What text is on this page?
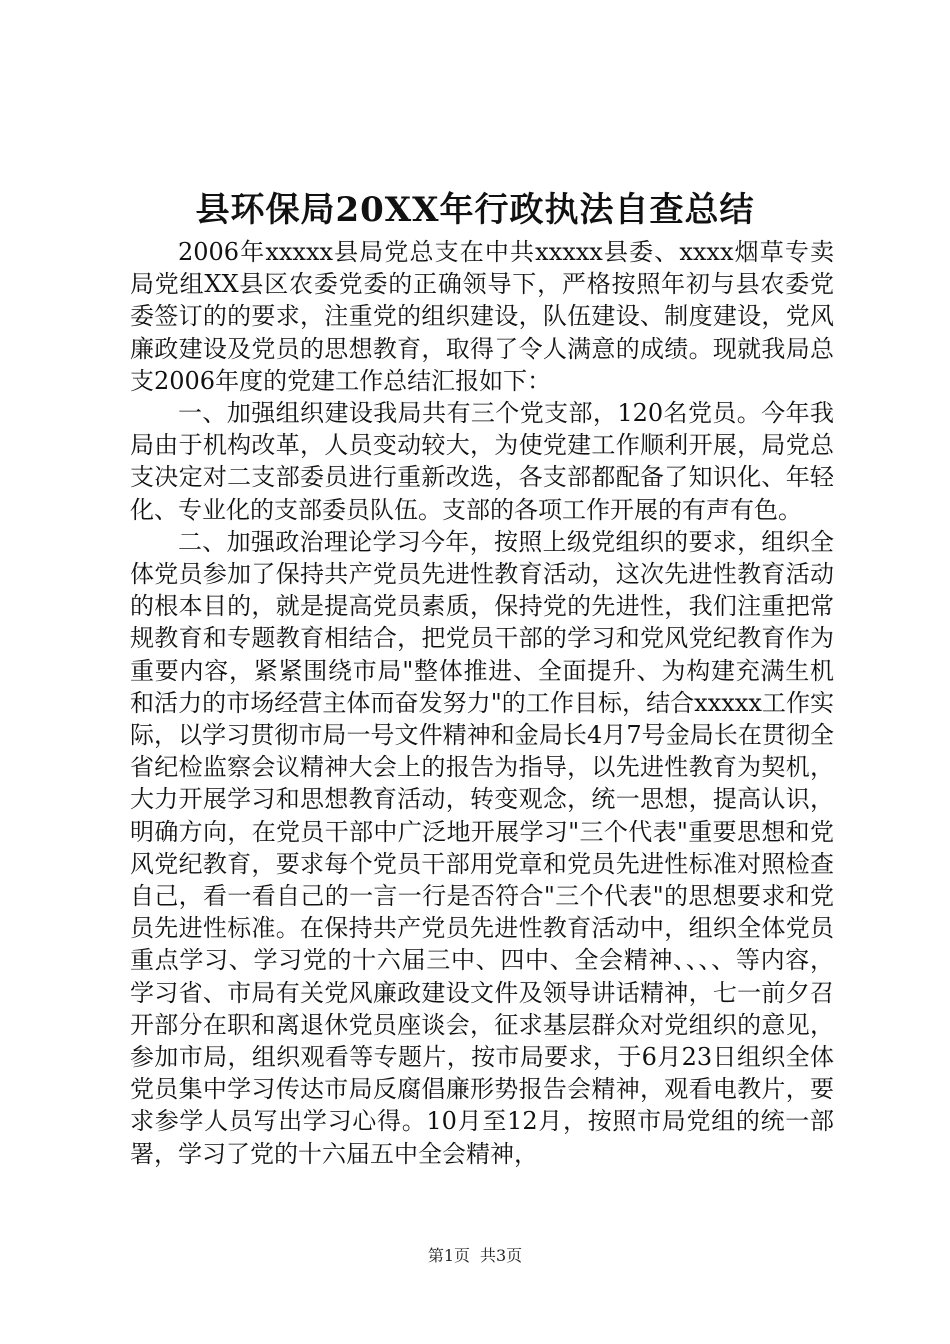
县环保局20XX年行政执法自查总结

2006年xxxxx县局党总支在中共xxxxx县委、xxxx烟草专卖局党组XX县区农委党委的正确领导下，严格按照年初与县农委党委签订的的要求，注重党的组织建设，队伍建设、制度建设，党风廉政建设及党员的思想教育，取得了令人满意的成绩。现就我局总支2006年度的党建工作总结汇报如下：

一、加强组织建设我局共有三个党支部，120名党员。今年我局由于机构改革，人员变动较大，为使党建工作顺利开展，局党总支决定对二支部委员进行重新改选，各支部都配备了知识化、年轻化、专业化的支部委员队伍。支部的各项工作开展的有声有色。

二、加强政治理论学习今年，按照上级党组织的要求，组织全体党员参加了保持共产党员先进性教育活动，这次先进性教育活动的根本目的，就是提高党员素质，保持党的先进性，我们注重把常规教育和专题教育相结合，把党员干部的学习和党风党纪教育作为重要内容，紧紧围绕市局"整体推进、全面提升、为构建充满生机和活力的市场经营主体而奋发努力"的工作目标，结合xxxxx工作实际，以学习贯彻市局一号文件精神和金局长4月7号金局长在贯彻全省纪检监察会议精神大会上的报告为指导，以先进性教育为契机，大力开展学习和思想教育活动，转变观念，统一思想，提高认识，明确方向，在党员干部中广泛地开展学习"三个代表"重要思想和党风党纪教育，要求每个党员干部用党章和党员先进性标准对照检查自己，看一看自己的一言一行是否符合"三个代表"的思想要求和党员先进性标准。在保持共产党员先进性教育活动中，组织全体党员重点学习、学习党的十六届三中、四中、全会精神、、、、等内容，学习省、市局有关党风廉政建设文件及领导讲话精神，七一前夕召开部分在职和离退休党员座谈会，征求基层群众对党组织的意见，参加市局，组织观看等专题片，按市局要求，于6月23日组织全体党员集中学习传达市局反腐倡廉形势报告会精神，观看电教片，要求参学人员写出学习心得。10月至12月，按照市局党组的统一部署，学习了党的十六届五中全会精神，

第1页 共3页
